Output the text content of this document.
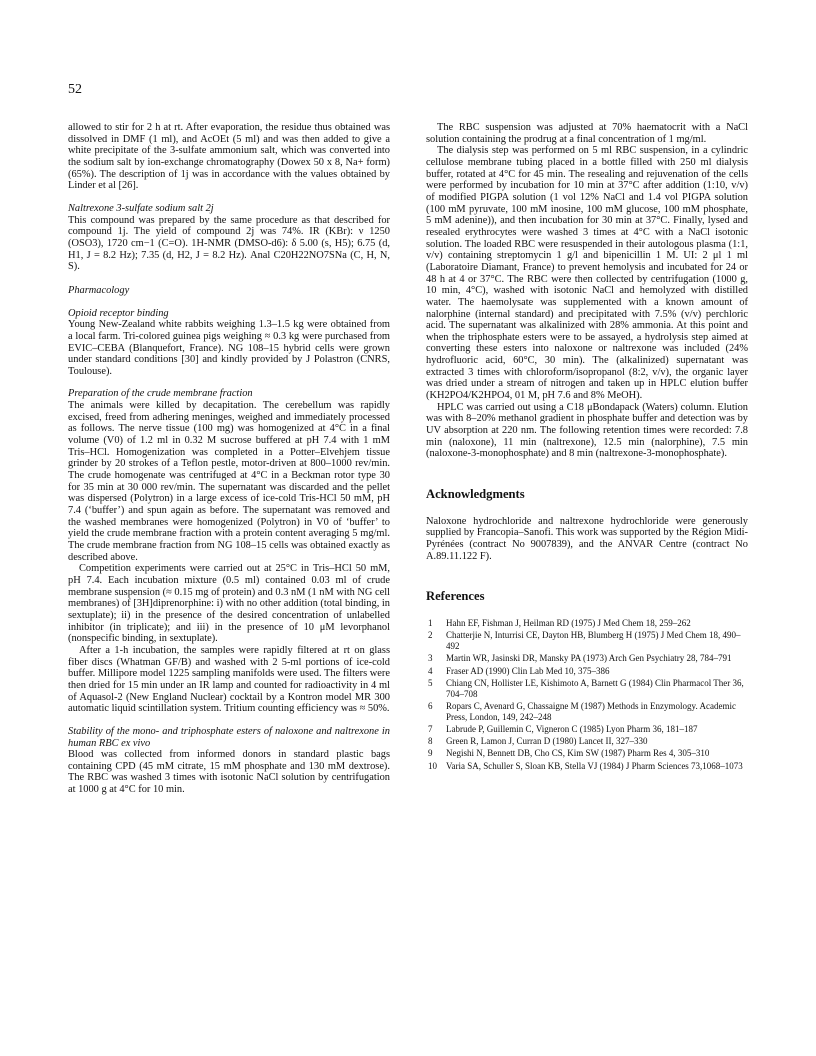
52

allowed to stir for 2 h at rt. After evaporation, the residue thus obtained was dissolved in DMF (1 ml), and AcOEt (5 ml) and was then added to give a white precipitate of the 3-sulfate ammonium salt, which was converted into the sodium salt by ion-exchange chromatography (Dowex 50 x 8, Na+ form) (65%). The description of 1j was in accordance with the values obtained by Linder et al [26].

Naltrexone 3-sulfate sodium salt 2j

This compound was prepared by the same procedure as that described for compound 1j. The yield of compound 2j was 74%. IR (KBr): ν 1250 (OSO3), 1720 cm−1 (C=O). 1H-NMR (DMSO-d6): δ 5.00 (s, H5); 6.75 (d, H1, J = 8.2 Hz); 7.35 (d, H2, J = 8.2 Hz). Anal C20H22NO7SNa (C, H, N, S).

Pharmacology

Opioid receptor binding

Young New-Zealand white rabbits weighing 1.3–1.5 kg were obtained from a local farm. Tri-colored guinea pigs weighing ≈ 0.3 kg were purchased from EVIC–CEBA (Blanquefort, France). NG 108–15 hybrid cells were grown under standard conditions [30] and kindly provided by J Polastron (CNRS, Toulouse).

Preparation of the crude membrane fraction

The animals were killed by decapitation. The cerebellum was rapidly excised, freed from adhering meninges, weighed and immediately processed as follows. The nerve tissue (100 mg) was homogenized at 4°C in a final volume (V0) of 1.2 ml in 0.32 M sucrose buffered at pH 7.4 with 1 mM Tris–HCl. Homogenization was completed in a Potter–Elvehjem tissue grinder by 20 strokes of a Teflon pestle, motor-driven at 800–1000 rev/min. The crude homogenate was centrifuged at 4°C in a Beckman rotor type 30 for 35 min at 30 000 rev/min. The supernatant was discarded and the pellet was dispersed (Polytron) in a large excess of ice-cold Tris-HCl 50 mM, pH 7.4 (‘buffer’) and spun again as before. The supernatant was removed and the washed membranes were homogenized (Polytron) in V0 of ‘buffer’ to yield the crude membrane fraction with a protein content averaging 5 mg/ml. The crude membrane fraction from NG 108–15 cells was obtained exactly as described above.

Competition experiments were carried out at 25°C in Tris–HCl 50 mM, pH 7.4. Each incubation mixture (0.5 ml) contained 0.03 ml of crude membrane suspension (≈ 0.15 mg of protein) and 0.3 nM (1 nM with NG cell membranes) of [3H]diprenorphine: i) with no other addition (total binding, in sextuplate); ii) in the presence of the desired concentration of unlabelled inhibitor (in triplicate); and iii) in the presence of 10 μM levorphanol (nonspecific binding, in sextuplate).

After a 1-h incubation, the samples were rapidly filtered at rt on glass fiber discs (Whatman GF/B) and washed with 2 5-ml portions of ice-cold buffer. Millipore model 1225 sampling manifolds were used. The filters were then dried for 15 min under an IR lamp and counted for radioactivity in 4 ml of Aquasol-2 (New England Nuclear) cocktail by a Kontron model MR 300 automatic liquid scintillation system. Tritium counting efficiency was ≈ 50%.

Stability of the mono- and triphosphate esters of naloxone and naltrexone in human RBC ex vivo

Blood was collected from informed donors in standard plastic bags containing CPD (45 mM citrate, 15 mM phosphate and 130 mM dextrose). The RBC was washed 3 times with isotonic NaCl solution by centrifugation at 1000 g at 4°C for 10 min.

The RBC suspension was adjusted at 70% haematocrit with a NaCl solution containing the prodrug at a final concentration of 1 mg/ml.

The dialysis step was performed on 5 ml RBC suspension, in a cylindric cellulose membrane tubing placed in a bottle filled with 250 ml dialysis buffer, rotated at 4°C for 45 min. The resealing and rejuvenation of the cells were performed by incubation for 10 min at 37°C after addition (1:10, v/v) of modified PIGPA solution (1 vol 12% NaCl and 1.4 vol PIGPA solution (100 mM pyruvate, 100 mM inosine, 100 mM glucose, 100 mM phosphate, 5 mM adenine)), and then incubation for 30 min at 37°C. Finally, lysed and resealed erythrocytes were washed 3 times at 4°C with a NaCl isotonic solution. The loaded RBC were resuspended in their autologous plasma (1:1, v/v) containing streptomycin 1 g/l and bipenicillin 1 M. UI: 2 μl 1 ml (Laboratoire Diamant, France) to prevent hemolysis and incubated for 24 or 48 h at 4 or 37°C. The RBC were then collected by centrifugation (1000 g, 10 min, 4°C), washed with isotonic NaCl and hemolyzed with distilled water. The haemolysate was supplemented with a known amount of nalorphine (internal standard) and precipitated with 7.5% (v/v) perchloric acid. The supernatant was alkalinized with 28% ammonia. At this point and when the triphosphate esters were to be assayed, a hydrolysis step aimed at converting these esters into naloxone or naltrexone was included (24% hydrofluoric acid, 60°C, 30 min). The (alkalinized) supernatant was extracted 3 times with chloroform/isopropanol (8:2, v/v), the organic layer was dried under a stream of nitrogen and taken up in HPLC elution buffer (KH2PO4/K2HPO4, 01 M, pH 7.6 and 8% MeOH).

HPLC was carried out using a C18 μBondapack (Waters) column. Elution was with 8–20% methanol gradient in phosphate buffer and detection was by UV absorption at 220 nm. The following retention times were recorded: 7.8 min (naloxone), 11 min (naltrexone), 12.5 min (nalorphine), 7.5 min (naloxone-3-monophosphate) and 8 min (naltrexone-3-monophosphate).

Acknowledgments

Naloxone hydrochloride and naltrexone hydrochloride were generously supplied by Francopia–Sanofi. This work was supported by the Région Midi-Pyrénées (contract No 9007839), and the ANVAR Centre (contract No A.89.11.122 F).

References
1	Hahn EF, Fishman J, Heilman RD (1975) J Med Chem 18, 259–262
2	Chatterjie N, Inturrisi CE, Dayton HB, Blumberg H (1975) J Med Chem 18, 490–492
3	Martin WR, Jasinski DR, Mansky PA (1973) Arch Gen Psychiatry 28, 784–791
4	Fraser AD (1990) Clin Lab Med 10, 375–386
5	Chiang CN, Hollister LE, Kishimoto A, Barnett G (1984) Clin Pharmacol Ther 36, 704–708
6	Ropars C, Avenard G, Chassaigne M (1987) Methods in Enzymology. Academic Press, London, 149, 242–248
7	Labrude P, Guillemin C, Vigneron C (1985) Lyon Pharm 36, 181–187
8	Green R, Lamon J, Curran D (1980) Lancet II, 327–330
9	Negishi N, Bennett DB, Cho CS, Kim SW (1987) Pharm Res 4, 305–310
10	Varia SA, Schuller S, Sloan KB, Stella VJ (1984) J Pharm Sciences 73,1068–1073
